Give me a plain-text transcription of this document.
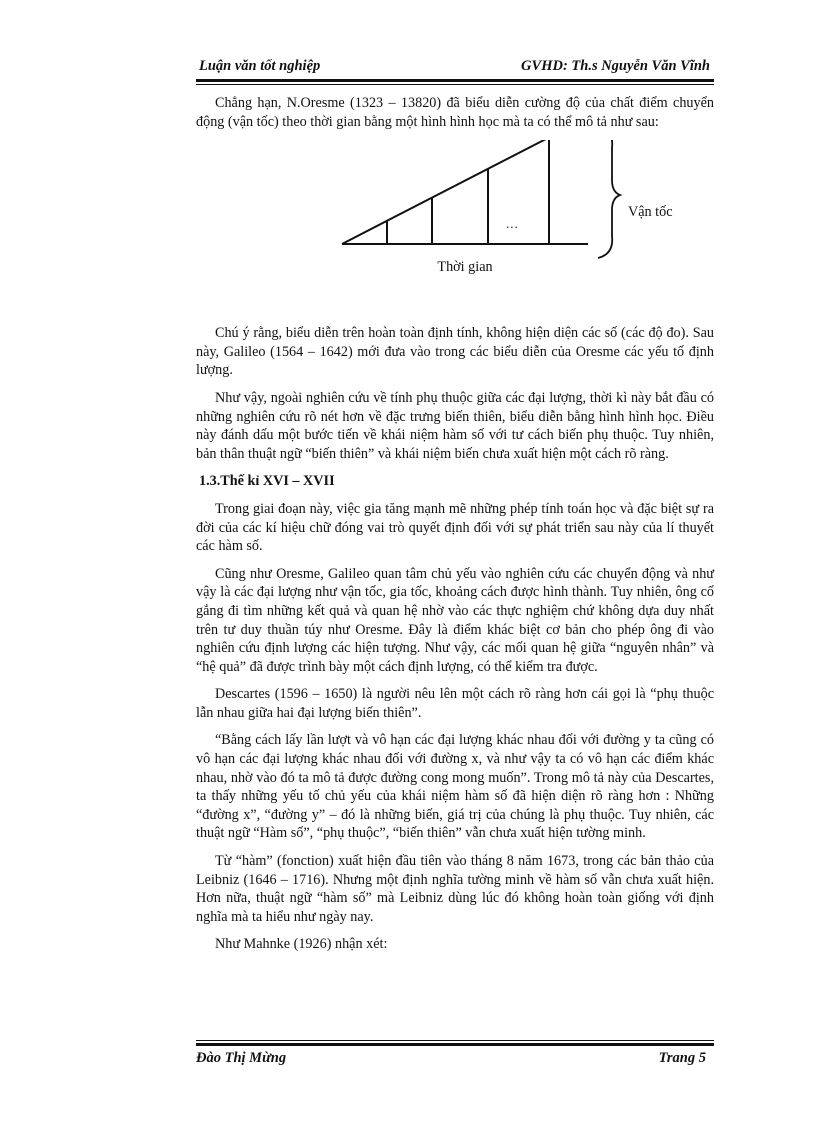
Luận văn tốt nghiệp	GVHD: Th.s Nguyễn Văn Vĩnh

Chẳng hạn, N.Oresme (1323 – 13820) đã biểu diễn cường độ của chất điểm chuyển động (vận tốc) theo thời gian bằng một hình hình học mà ta có thể mô tả như sau:

...
Vận tốc
Thời gian

Chú ý rằng, biểu diễn trên hoàn toàn định tính, không hiện diện các số (các độ đo). Sau này, Galileo (1564 – 1642) mới đưa vào trong các biểu diễn của Oresme các yếu tố định lượng.

Như vậy, ngoài nghiên cứu về tính phụ thuộc giữa các đại lượng, thời kì này bắt đầu có những nghiên cứu rõ nét hơn về đặc trưng biến thiên, biểu diễn bằng hình hình học. Điều này đánh dấu một bước tiến về khái niệm hàm số với tư cách biến phụ thuộc. Tuy nhiên, bản thân thuật ngữ “biến thiên” và khái niệm biến chưa xuất hiện một cách rõ ràng.

1.3.Thế kỉ XVI – XVII

Trong giai đoạn này, việc gia tăng mạnh mẽ những phép tính toán học và đặc biệt sự ra đời của các kí hiệu chữ đóng vai trò quyết định đối với sự phát triển sau này của lí thuyết các hàm số.

Cũng như Oresme, Galileo quan tâm chủ yếu vào nghiên cứu các chuyển động và như vậy là các đại lượng như vận tốc, gia tốc, khoảng cách được hình thành. Tuy nhiên, ông cố gắng đi tìm những kết quả và quan hệ nhờ vào các thực nghiệm chứ không dựa duy nhất trên tư duy thuần túy như Oresme. Đây là điểm khác biệt cơ bản cho phép ông đi vào nghiên cứu định lượng các hiện tượng. Như vậy, các mối quan hệ giữa “nguyên nhân” và “hệ quả” đã được trình bày một cách định lượng, có thể kiểm tra được.

Descartes (1596 – 1650) là người nêu lên một cách rõ ràng hơn cái gọi là “phụ thuộc lẫn nhau giữa hai đại lượng biến thiên”.

“Bằng cách lấy lần lượt và vô hạn các đại lượng khác nhau đối với đường y ta cũng có vô hạn các đại lượng khác nhau đối với đường x, và như vậy ta có vô hạn các điểm khác nhau, nhờ vào đó ta mô tả được đường cong mong muốn”. Trong mô tả này của Descartes, ta thấy những yếu tố chủ yếu của khái niệm hàm số đã hiện diện rõ ràng hơn : Những “đường x”, “đường y” – đó là những biến, giá trị của chúng là phụ thuộc. Tuy nhiên, các thuật ngữ “Hàm số”, “phụ thuộc”, “biến thiên” vẫn chưa xuất hiện tường minh.

Từ “hàm” (fonction) xuất hiện đầu tiên vào tháng 8 năm 1673, trong các bản thảo của Leibniz (1646 – 1716). Nhưng một định nghĩa tường minh về hàm số vẫn chưa xuất hiện. Hơn nữa, thuật ngữ “hàm số” mà Leibniz dùng lúc đó không hoàn toàn giống với định nghĩa mà ta hiểu như ngày nay.

Như Mahnke (1926) nhận xét:

Đào Thị Mừng	Trang 5
